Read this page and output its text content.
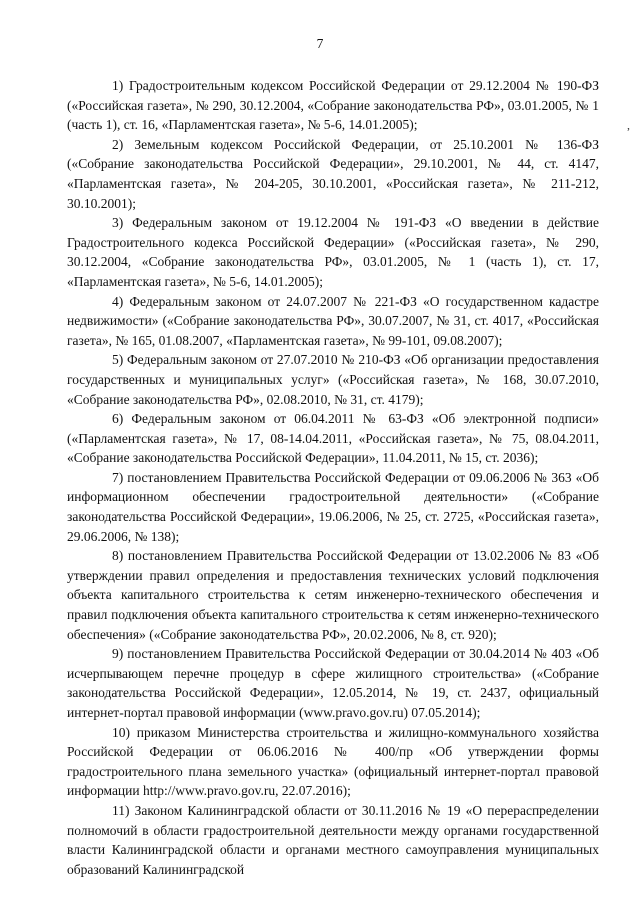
7
,

1) Градостроительным кодексом Российской Федерации от 29.12.2004 № 190-ФЗ («Российская газета», № 290, 30.12.2004, «Собрание законодательства РФ», 03.01.2005, № 1 (часть 1), ст. 16, «Парламентская газета», № 5-6, 14.01.2005);

2) Земельным кодексом Российской Федерации, от 25.10.2001 № 136-ФЗ («Собрание законодательства Российской Федерации», 29.10.2001, № 44, ст. 4147, «Парламентская газета», № 204-205, 30.10.2001, «Российская газета», № 211-212, 30.10.2001);

3) Федеральным законом от 19.12.2004 № 191-ФЗ «О введении в действие Градостроительного кодекса Российской Федерации» («Российская газета», № 290, 30.12.2004, «Собрание законодательства РФ», 03.01.2005, № 1 (часть 1), ст. 17, «Парламентская газета», № 5-6, 14.01.2005);

4) Федеральным законом от 24.07.2007 № 221-ФЗ «О государственном кадастре недвижимости» («Собрание законодательства РФ», 30.07.2007, № 31, ст. 4017, «Российская газета», № 165, 01.08.2007, «Парламентская газета», № 99-101, 09.08.2007);

5) Федеральным законом от 27.07.2010 № 210-ФЗ «Об организации предоставления государственных и муниципальных услуг» («Российская газета», № 168, 30.07.2010, «Собрание законодательства РФ», 02.08.2010, № 31, ст. 4179);

6) Федеральным законом от 06.04.2011 № 63-ФЗ «Об электронной подписи» («Парламентская газета», № 17, 08-14.04.2011, «Российская газета», № 75, 08.04.2011, «Собрание законодательства Российской Федерации», 11.04.2011, № 15, ст. 2036);

7) постановлением Правительства Российской Федерации от 09.06.2006 № 363 «Об информационном обеспечении градостроительной деятельности» («Собрание законодательства Российской Федерации», 19.06.2006, № 25, ст. 2725, «Российская газета», 29.06.2006, № 138);

8) постановлением Правительства Российской Федерации от 13.02.2006 № 83 «Об утверждении правил определения и предоставления технических условий подключения объекта капитального строительства к сетям инженерно-технического обеспечения и правил подключения объекта капитального строительства к сетям инженерно-технического обеспечения» («Собрание законодательства РФ», 20.02.2006, № 8, ст. 920);

9) постановлением Правительства Российской Федерации от 30.04.2014 № 403 «Об исчерпывающем перечне процедур в сфере жилищного строительства» («Собрание законодательства Российской Федерации», 12.05.2014, № 19, ст. 2437, официальный интернет-портал правовой информации (www.pravo.gov.ru) 07.05.2014);

10) приказом Министерства строительства и жилищно-коммунального хозяйства Российской Федерации от 06.06.2016 № 400/пр «Об утверждении формы градостроительного плана земельного участка» (официальный интернет-портал правовой информации http://www.pravo.gov.ru, 22.07.2016);

11) Законом Калининградской области от 30.11.2016 № 19 «О перераспределении полномочий в области градостроительной деятельности между органами государственной власти Калининградской области и органами местного самоуправления муниципальных образований Калининградской
